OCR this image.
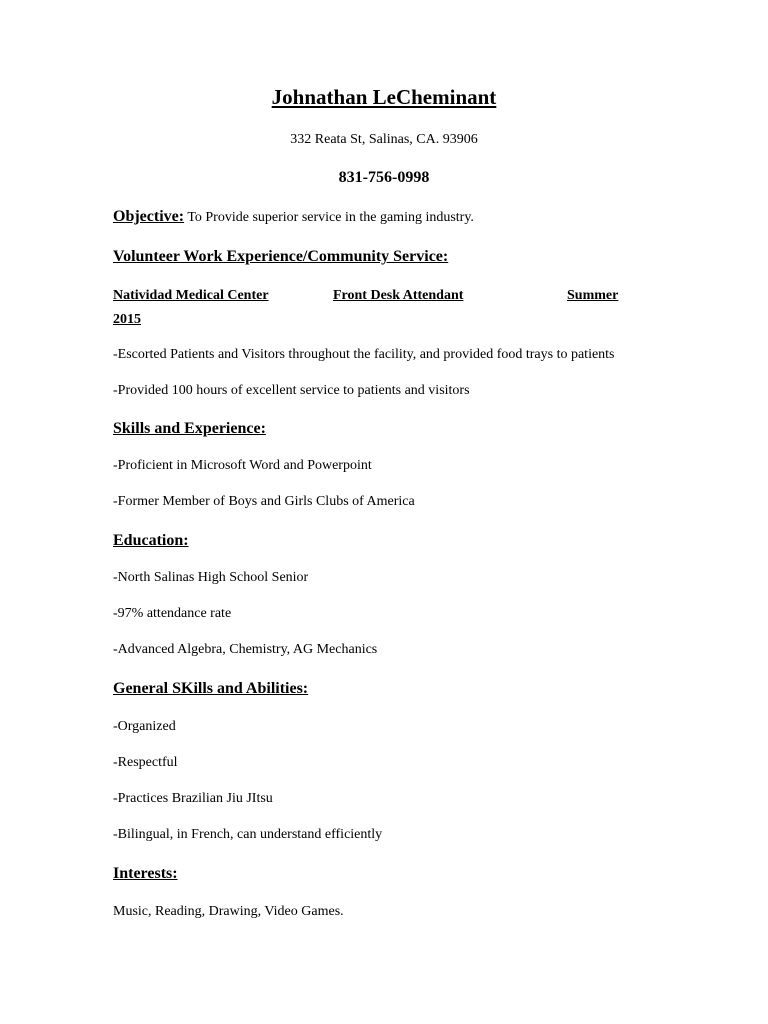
Johnathan LeCheminant
332 Reata St, Salinas, CA. 93906
831-756-0998
Objective: To Provide superior service in the gaming industry.
Volunteer Work Experience/Community Service:
Natividad Medical Center	Front Desk Attendant	Summer
2015
-Escorted Patients and Visitors throughout the facility, and provided food trays to patients
-Provided 100 hours of excellent service to patients and visitors
Skills and Experience:
-Proficient in Microsoft Word and Powerpoint
-Former Member of Boys and Girls Clubs of America
Education:
-North Salinas High School Senior
-97% attendance rate
-Advanced Algebra, Chemistry, AG Mechanics
General SKills and Abilities:
-Organized
-Respectful
-Practices Brazilian Jiu JItsu
-Bilingual, in French, can understand efficiently
Interests:
Music, Reading, Drawing, Video Games.
